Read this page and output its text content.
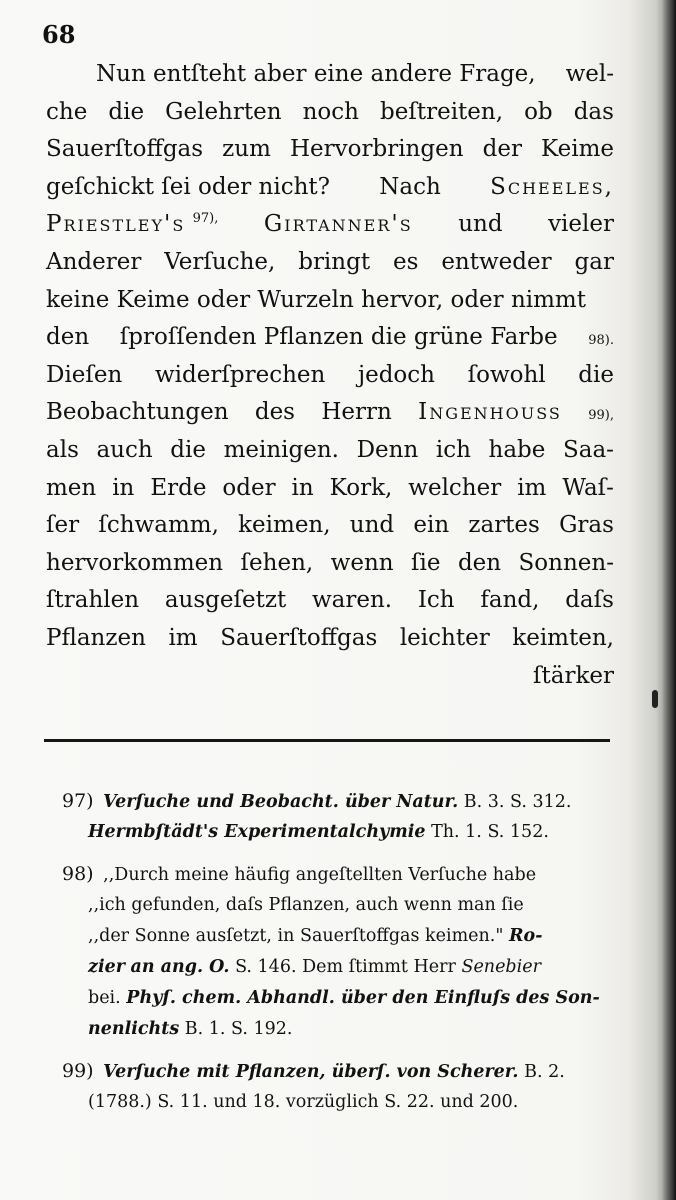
68
Nun entſteht aber eine andere Frage, wel-
che die Gelehrten noch beſtreiten, ob das
Sauerſtoffgas zum Hervorbringen der Keime
geſchickt ſei oder nicht? Nach Scheeles,
Priestley's $^{97),}$ Girtanner's und vieler
Anderer Verſuche, bringt es entweder gar
keine Keime oder Wurzeln hervor, oder nimmt
den ſproſſenden Pflanzen die grüne Farbe 98).
Dieſen widerſprechen jedoch ſowohl die
Beobachtungen des Herrn Ingenhouss 99),
als auch die meinigen. Denn ich habe Saa-
men in Erde oder in Kork, welcher im Waſ-
ſer ſchwamm, keimen, und ein zartes Gras
hervorkommen ſehen, wenn ſie den Sonnen-
ſtrahlen ausgeſetzt waren. Ich fand, daſs
Pflanzen im Sauerſtoffgas leichter keimten,
ſtärker
97) Verſuche und Beobacht. über Natur. B. 3. S. 312.
Hermbſtädt's Experimentalchymie Th. 1. S. 152.
98) ,,Durch meine häufig angeſtellten Verſuche habe
,,ich gefunden, daſs Pflanzen, auch wenn man ſie
,,der Sonne ausſetzt, in Sauerſtoffgas keimen." Ro-
zier an ang. O. S. 146. Dem ſtimmt Herr Senebier
bei. Phyſ. chem. Abhandl. über den Einfluſs des Son-
nenlichts B. 1. S. 192.
99) Verſuche mit Pflanzen, überſ. von Scherer. B. 2.
(1788.) S. 11. und 18. vorzüglich S. 22. und 200.
